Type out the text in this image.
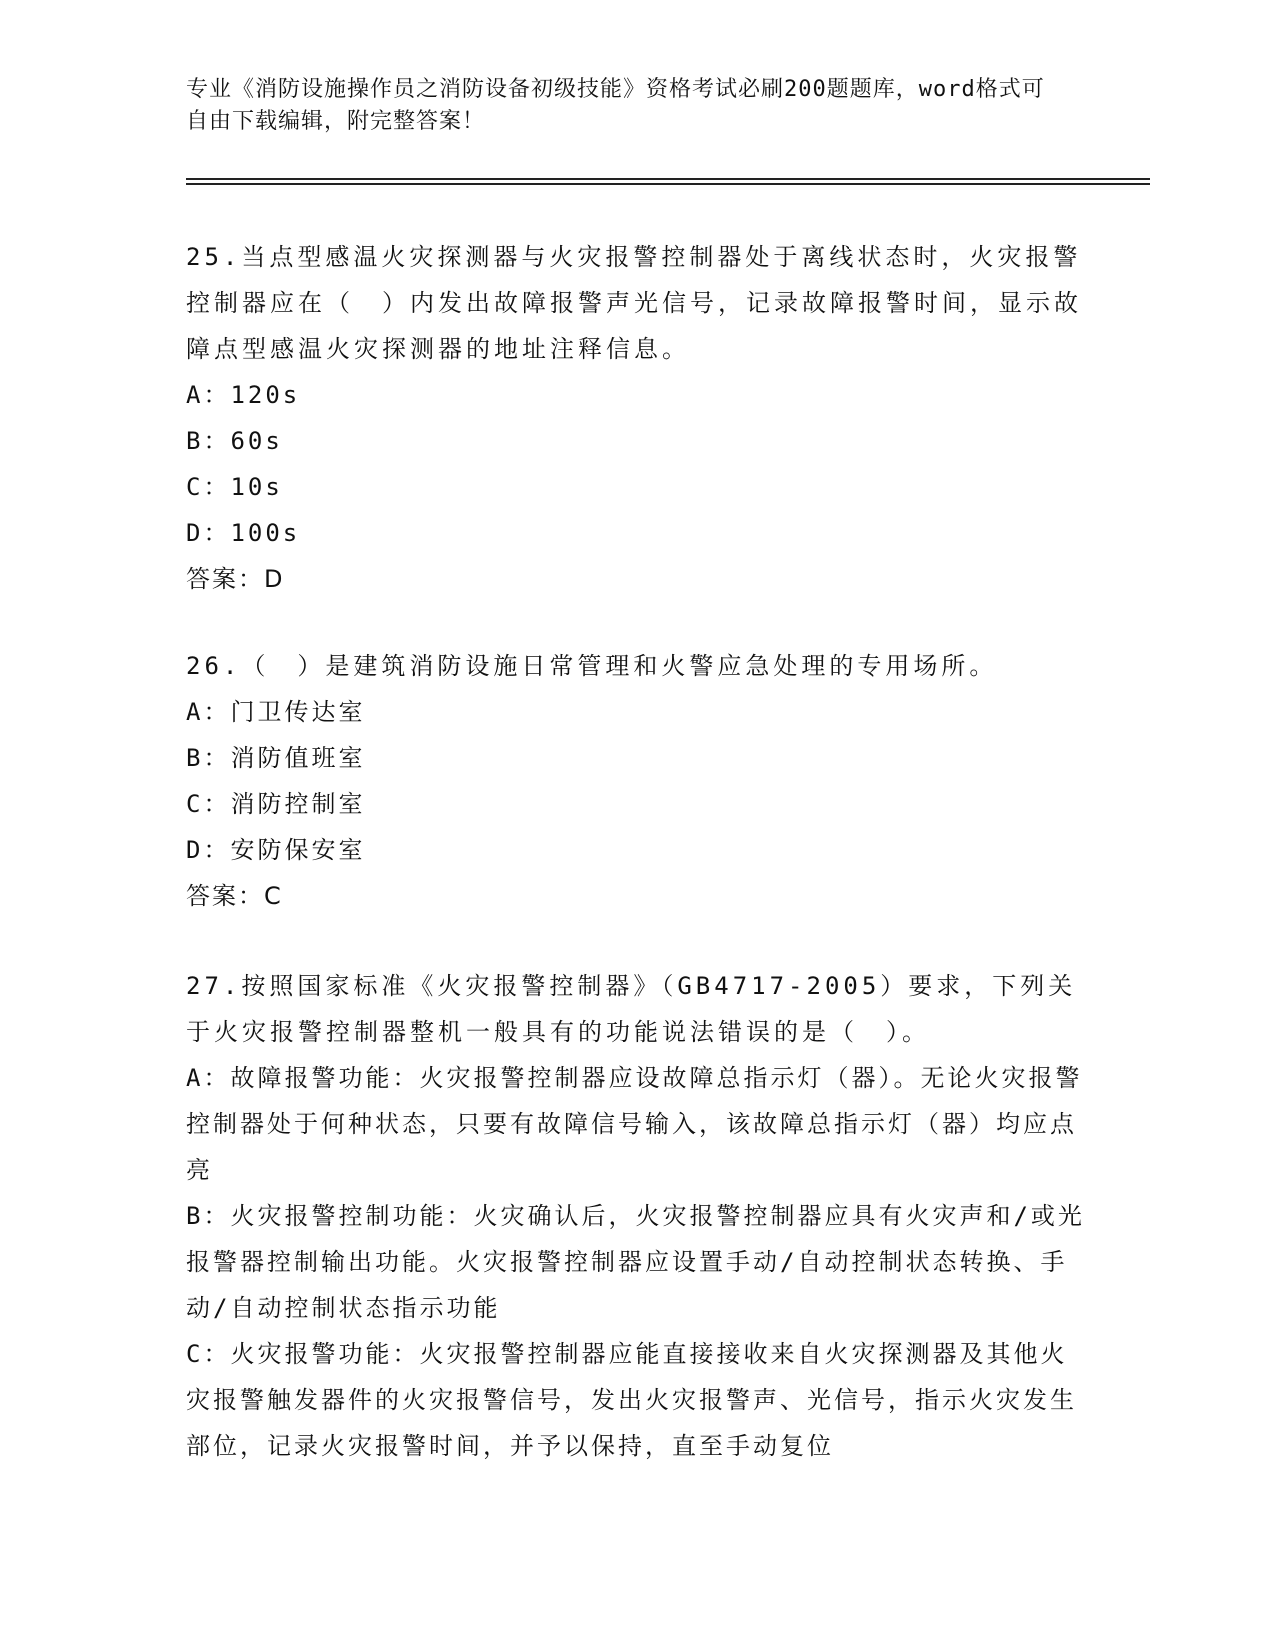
专业《消防设施操作员之消防设备初级技能》资格考试必刷200题题库，word格式可自由下载编辑，附完整答案！

25.当点型感温火灾探测器与火灾报警控制器处于离线状态时，火灾报警控制器应在（　）内发出故障报警声光信号，记录故障报警时间，显示故障点型感温火灾探测器的地址注释信息。

A：120s

B：60s

C：10s

D：100s

答案：D

26.（　）是建筑消防设施日常管理和火警应急处理的专用场所。

A：门卫传达室

B：消防值班室

C：消防控制室

D：安防保安室

答案：C

27.按照国家标准《火灾报警控制器》（GB4717-2005）要求，下列关于火灾报警控制器整机一般具有的功能说法错误的是（　）。

A：故障报警功能：火灾报警控制器应设故障总指示灯（器）。无论火灾报警控制器处于何种状态，只要有故障信号输入，该故障总指示灯（器）均应点亮

B：火灾报警控制功能：火灾确认后，火灾报警控制器应具有火灾声和/或光报警器控制输出功能。火灾报警控制器应设置手动/自动控制状态转换、手动/自动控制状态指示功能

C：火灾报警功能：火灾报警控制器应能直接接收来自火灾探测器及其他火灾报警触发器件的火灾报警信号，发出火灾报警声、光信号，指示火灾发生部位，记录火灾报警时间，并予以保持，直至手动复位
